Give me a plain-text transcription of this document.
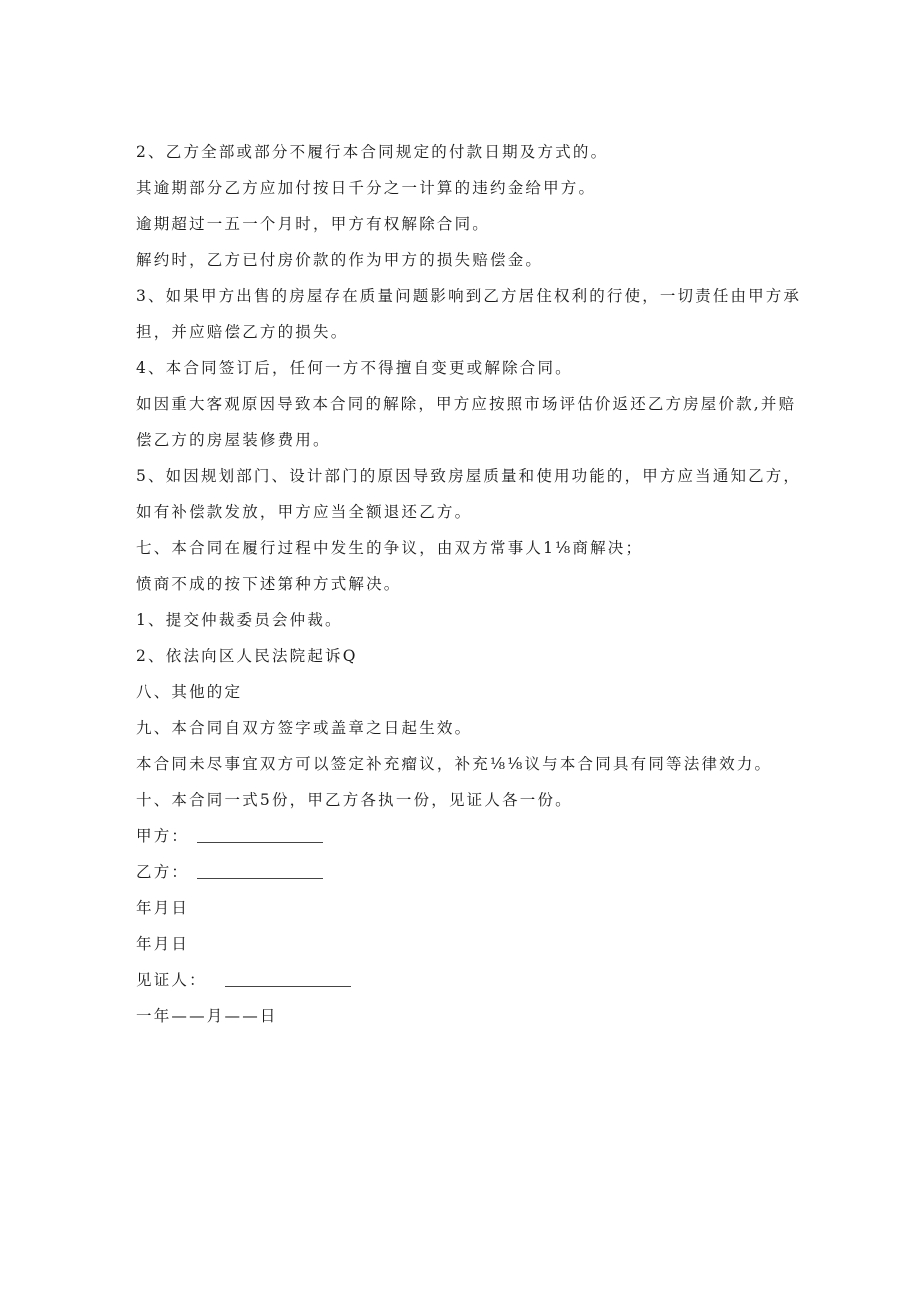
2、乙方全部或部分不履行本合同规定的付款日期及方式的。
其逾期部分乙方应加付按日千分之一计算的违约金给甲方。
逾期超过一五一个月时，甲方有权解除合同。
解约时，乙方已付房价款的作为甲方的损失赔偿金。
3、如果甲方出售的房屋存在质量问题影响到乙方居住权利的行使，一切责任由甲方承
担，并应赔偿乙方的损失。
4、本合同签订后，任何一方不得擅自变更或解除合同。
如因重大客观原因导致本合同的解除，甲方应按照市场评估价返还乙方房屋价款,并赔
偿乙方的房屋装修费用。
5、如因规划部门、设计部门的原因导致房屋质量和使用功能的，甲方应当通知乙方，
如有补偿款发放，甲方应当全额退还乙方。
七、本合同在履行过程中发生的争议，由双方常事人1⅛商解决；
愤商不成的按下述第种方式解决。
1、提交仲裁委员会仲裁。
2、依法向区人民法院起诉Q
八、其他的定
九、本合同自双方签字或盖章之日起生效。
本合同未尽事宜双方可以签定补充瘤议，补充⅛⅛议与本合同具有同等法律效力。
十、本合同一式5份，甲乙方各执一份，见证人各一份。
甲方：
乙方：
年月日
年月日
见证人：
一年——月——日
